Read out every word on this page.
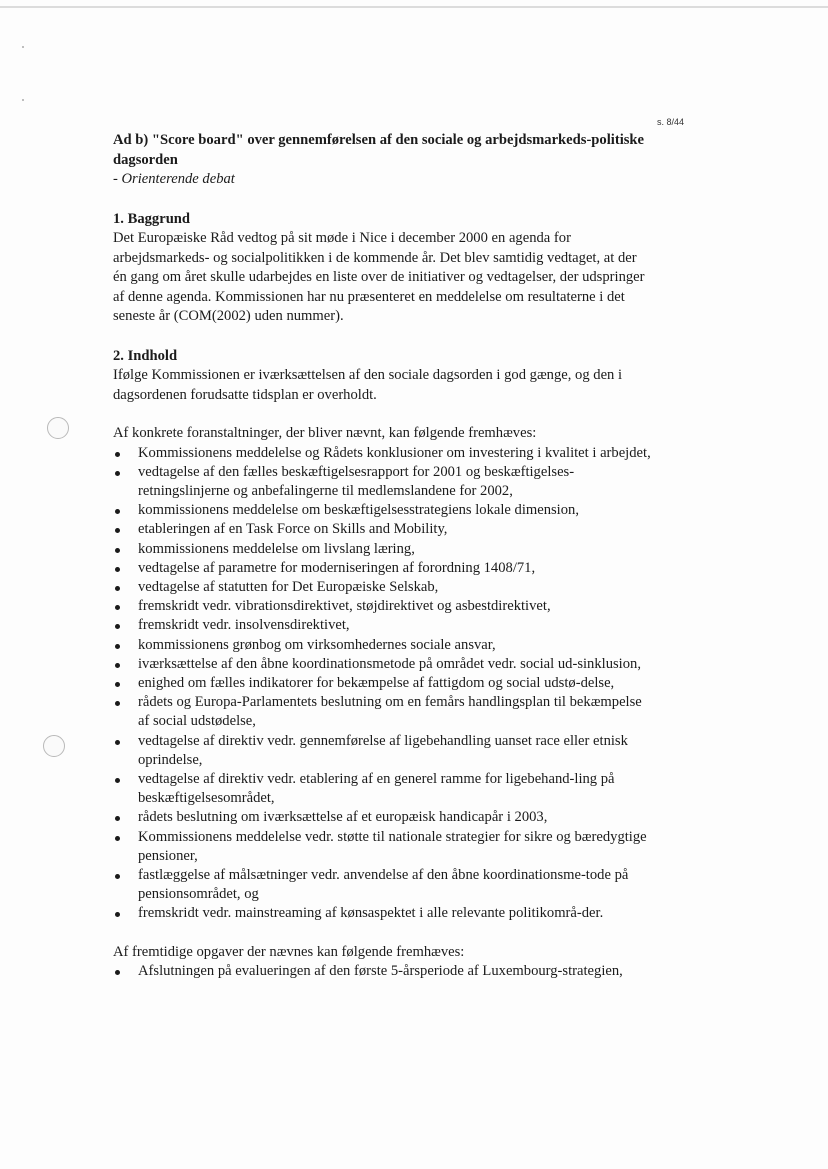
s. 8/44

Ad b) "Score board" over gennemførelsen af den sociale og arbejdsmarkeds-politiske dagsorden

- Orienterende debat

1. Baggrund

Det Europæiske Råd vedtog på sit møde i Nice i december 2000 en agenda for arbejdsmarkeds- og socialpolitikken i de kommende år. Det blev samtidig vedtaget, at der én gang om året skulle udarbejdes en liste over de initiativer og vedtagelser, der udspringer af denne agenda. Kommissionen har nu præsenteret en meddelelse om resultaterne i det seneste år (COM(2002) uden nummer).

2. Indhold

Ifølge Kommissionen er iværksættelsen af den sociale dagsorden i god gænge, og den i dagsordenen forudsatte tidsplan er overholdt.

Af konkrete foranstaltninger, der bliver nævnt, kan følgende fremhæves:

Kommissionens meddelelse og Rådets konklusioner om investering i kvalitet i arbejdet,
vedtagelse af den fælles beskæftigelsesrapport for 2001 og beskæftigelses-retningslinjerne og anbefalingerne til medlemslandene for 2002,
kommissionens meddelelse om beskæftigelsesstrategiens lokale dimension,
etableringen af en Task Force on Skills and Mobility,
kommissionens meddelelse om livslang læring,
vedtagelse af parametre for moderniseringen af forordning 1408/71,
vedtagelse af statutten for Det Europæiske Selskab,
fremskridt vedr. vibrationsdirektivet, støjdirektivet og asbestdirektivet,
fremskridt vedr. insolvensdirektivet,
kommissionens grønbog om virksomhedernes sociale ansvar,
iværksættelse af den åbne koordinationsmetode på området vedr. social ud-sinklusion,
enighed om fælles indikatorer for bekæmpelse af fattigdom og social udstø-delse,
rådets og Europa-Parlamentets beslutning om en femårs handlingsplan til bekæmpelse af social udstødelse,
vedtagelse af direktiv vedr. gennemførelse af ligebehandling uanset race eller etnisk oprindelse,
vedtagelse af direktiv vedr. etablering af en generel ramme for ligebehand-ling på beskæftigelsesområdet,
rådets beslutning om iværksættelse af et europæisk handicapår i 2003,
Kommissionens meddelelse vedr. støtte til nationale strategier for sikre og bæredygtige pensioner,
fastlæggelse af målsætninger vedr. anvendelse af den åbne koordinationsme-tode på pensionsområdet, og
fremskridt vedr. mainstreaming af kønsaspektet i alle relevante politikområ-der.

Af fremtidige opgaver der nævnes kan følgende fremhæves:

Afslutningen på evalueringen af den første 5-årsperiode af Luxembourg-strategien,
